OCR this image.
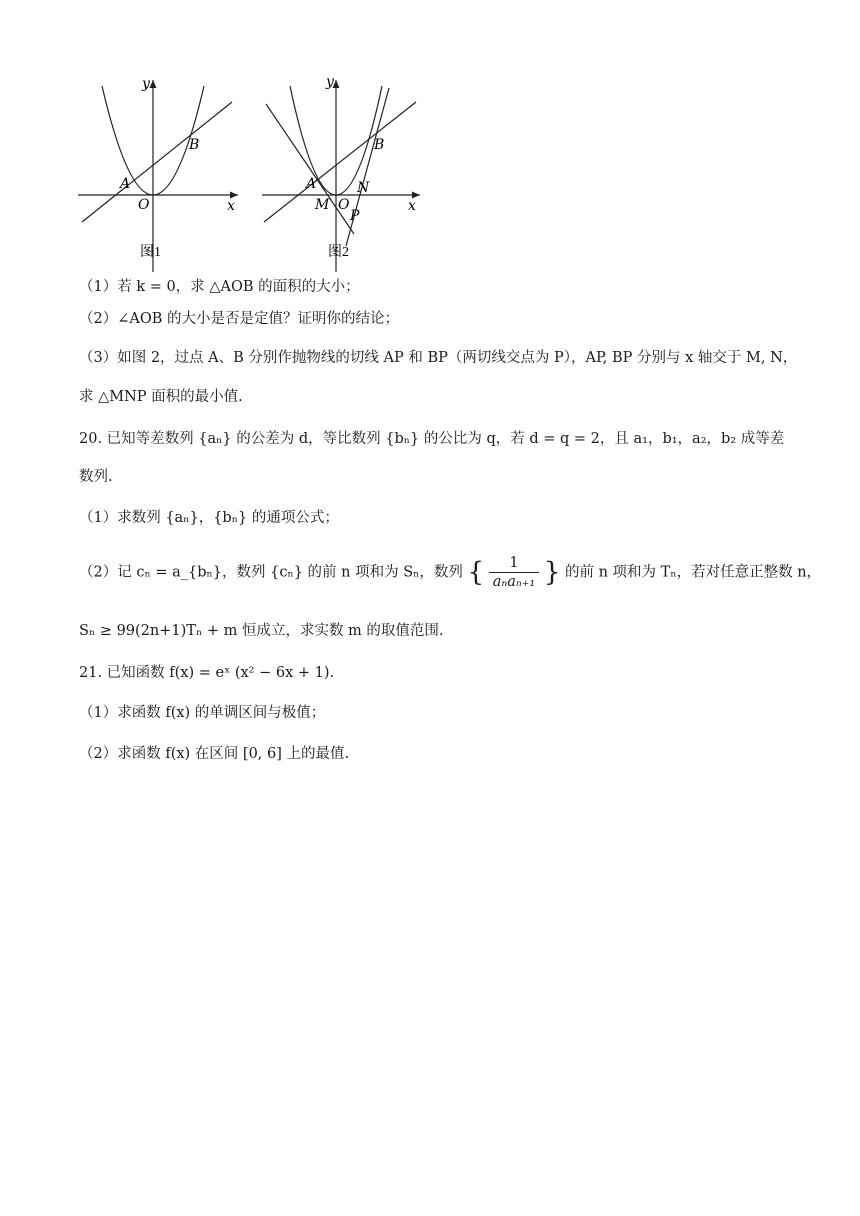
y
x
O
A
B
图1
y
x
O
A
B
M
N
P
图2
（1）若 k = 0，求 △AOB 的面积的大小；
（2）∠AOB 的大小是否是定值？证明你的结论；
（3）如图 2，过点 A、B 分别作抛物线的切线 AP 和 BP（两切线交点为 P），AP, BP 分别与 x 轴交于 M, N，
求 △MNP 面积的最小值.
20. 已知等差数列 {aₙ} 的公差为 d，等比数列 {bₙ} 的公比为 q，若 d = q = 2，且 a₁，b₁，a₂，b₂ 成等差
数列.
（1）求数列 {aₙ}，{bₙ} 的通项公式；
（2）记 cₙ = a_{bₙ}，数列 {cₙ} 的前 n 项和为 Sₙ，数列 { $\frac{1}{\text{aₙaₙ₊₁}}$ } 的前 n 项和为 Tₙ，若对任意正整数 n，
Sₙ ≥ 99(2n+1)Tₙ + m 恒成立，求实数 m 的取值范围.
21. 已知函数 f(x) = eˣ (x² − 6x + 1).
（1）求函数 f(x) 的单调区间与极值；
（2）求函数 f(x) 在区间 [0, 6] 上的最值.
